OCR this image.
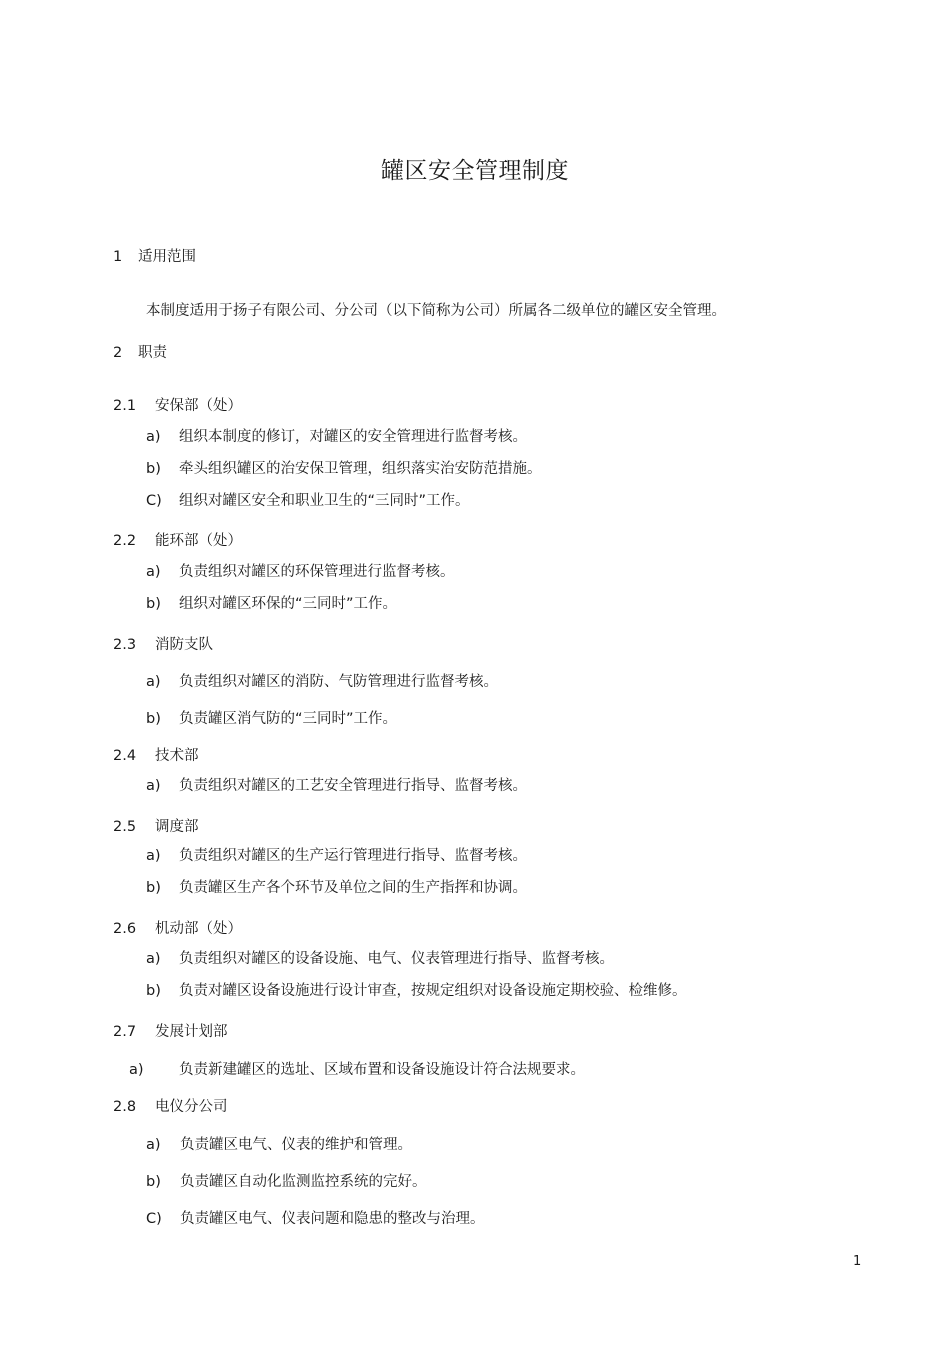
罐区安全管理制度
1 适用范围
本制度适用于扬子有限公司、分公司（以下简称为公司）所属各二级单位的罐区安全管理。
2 职责
2.1 安保部（处）
a) 组织本制度的修订，对罐区的安全管理进行监督考核。
b) 牵头组织罐区的治安保卫管理，组织落实治安防范措施。
C) 组织对罐区安全和职业卫生的“三同时”工作。
2.2 能环部（处）
a) 负责组织对罐区的环保管理进行监督考核。
b) 组织对罐区环保的“三同时”工作。
2.3 消防支队
a) 负责组织对罐区的消防、气防管理进行监督考核。
b) 负责罐区消气防的“三同时”工作。
2.4 技术部
a) 负责组织对罐区的工艺安全管理进行指导、监督考核。
2.5 调度部
a) 负责组织对罐区的生产运行管理进行指导、监督考核。
b) 负责罐区生产各个环节及单位之间的生产指挥和协调。
2.6 机动部（处）
a) 负责组织对罐区的设备设施、电气、仪表管理进行指导、监督考核。
b) 负责对罐区设备设施进行设计审查，按规定组织对设备设施定期校验、检维修。
2.7 发展计划部
a) 负责新建罐区的选址、区域布置和设备设施设计符合法规要求。
2.8 电仪分公司
a) 负责罐区电气、仪表的维护和管理。
b) 负责罐区自动化监测监控系统的完好。
C) 负责罐区电气、仪表问题和隐患的整改与治理。
1
